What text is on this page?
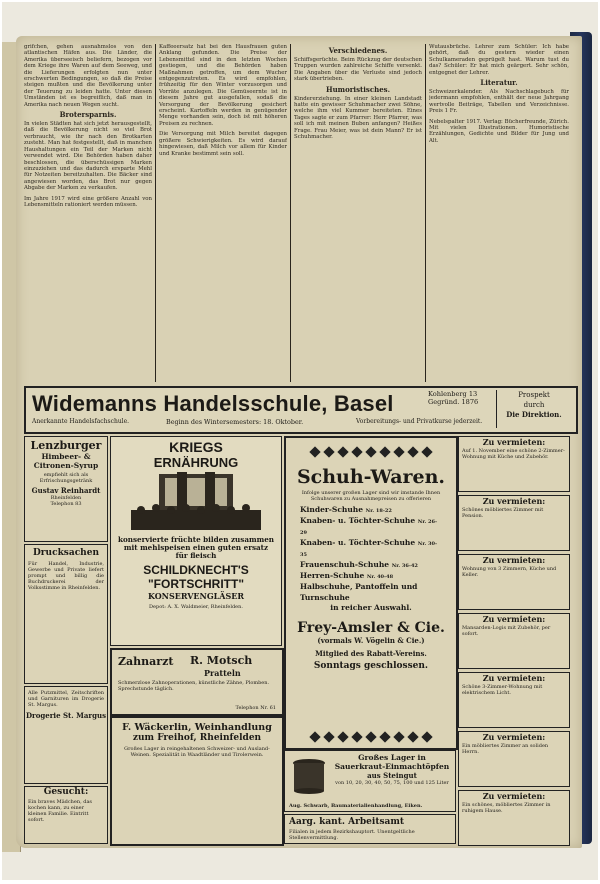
grifchen, gehen ausnahmslos von den atlantischen Häfen aus. Die Länder, die Amerika überseeisch beliefern, bezogen vor dem Kriege ihre Waren auf dem Seeweg, und die Lieferungen erfolgten nun unter erschwerten Bedingungen, so daß die Preise steigen mußten und die Bevölkerung unter der Teuerung zu leiden hatte. Unter diesen Umständen ist es begreiflich, daß man in Amerika nach neuen Wegen sucht.
Brotersparnis.
In vielen Städten hat sich jetzt herausgestellt, daß die Bevölkerung nicht so viel Brot verbraucht, wie ihr nach den Brotkarten zusteht. Man hat festgestellt, daß in manchen Haushaltungen ein Teil der Marken nicht verwendet wird. Die Behörden haben daher beschlossen, die überschüssigen Marken einzuziehen und das dadurch ersparte Mehl für Notzeiten bereitzuhalten. Die Bäcker sind angewiesen worden, das Brot nur gegen Abgabe der Marken zu verkaufen.
Im Jahre 1917 wird eine größere Anzahl von Lebensmitteln rationiert werden müssen.
Kaffeeersatz hat bei den Hausfrauen guten Anklang gefunden. Die Preise der Lebensmittel sind in den letzten Wochen gestiegen, und die Behörden haben Maßnahmen getroffen, um dem Wucher entgegenzutreten. Es wird empfohlen, frühzeitig für den Winter vorzusorgen und Vorräte anzulegen. Die Gemüseernte ist in diesem Jahre gut ausgefallen, sodaß die Versorgung der Bevölkerung gesichert erscheint. Kartoffeln werden in genügender Menge vorhanden sein, doch ist mit höheren Preisen zu rechnen.
Die Versorgung mit Milch bereitet dagegen größere Schwierigkeiten. Es wird darauf hingewiesen, daß Milch vor allem für Kinder und Kranke bestimmt sein soll.
Verschiedenes.
Schiffsgerüchte. Beim Rückzug der deutschen Truppen wurden zahlreiche Schiffe versenkt. Die Angaben über die Verluste sind jedoch stark übertrieben.
Humoristisches.
Kindererziehung. In einer kleinen Landstadt hatte ein gewisser Schuhmacher zwei Söhne, welche ihm viel Kummer bereiteten. Eines Tages sagte er zum Pfarrer: Herr Pfarrer, was soll ich mit meinen Buben anfangen? Heißes Frage. Frau Meier, was ist dein Mann? Er ist Schuhmacher.
Wutausbrüche. Lehrer zum Schüler: Ich habe gehört, daß du gestern wieder einen Schulkameraden geprügelt hast. Warum tust du das? Schüler: Er hat mich geärgert. Sehr schön, entgegnet der Lehrer.
Literatur.
Schweizerkalender. Als Nachschlagebuch für jedermann empfohlen, enthält der neue Jahrgang wertvolle Beiträge, Tabellen und Verzeichnisse. Preis 1 Fr.
Nebelspalter 1917. Verlag: Bücherfreunde, Zürich. Mit vielen Illustrationen. Humoristische Erzählungen, Gedichte und Bilder für Jung und Alt.
Widemanns Handelsschule, Basel
Anerkannte Handelsfachschule.	Beginn des Wintersemesters: 18. Oktober.	Vorbereitungs- und Privatkurse jederzeit.
Kohlenberg 13
Gegründ. 1876
Prospekt
durch
Die Direktion.
Lenzburger
Himbeer- &
Citronen-Syrup
empfiehlt sich als Erfrischungsgetränk
Gustav Reinhardt
Rheinfelden
Telephon 83
Drucksachen
Für Handel, Industrie, Gewerbe und Private liefert prompt und billig die Buchdruckerei der Volksstimme in Rheinfelden.
Alle Putzmittel, Zeitschriften und Garnituren im Drogerie St. Margus.
Drogerie St. Margus
Gesucht:
Ein braves Mädchen, das kochen kann, zu einer kleinen Familie. Eintritt sofort.
KRIEGS
ERNÄHRUNG
konservierte früchte bilden zusammen mit mehlspeisen einen guten ersatz für fleisch
SCHILDKNECHT'S
"FORTSCHRITT"
KONSERVENGLÄSER
Depot: A. X. Waldmeier, Rheinfelden.
Zahnarzt R. Motsch
Pratteln
Schmerzlose Zahnoperationen, künstliche Zähne, Plomben. Sprechstunde täglich.
Telephon Nr. 61
F. Wäckerlin, Weinhandlung
zum Freihof, Rheinfelden
Großes Lager in reingehaltenen Schweizer- und Ausland-Weinen. Spezialität in Waadtländer und Tirolerwein.
Schuh-Waren.
Infolge unserer großen Lager sind wir imstande Ihnen Schuhwaren zu Ausnahmepreisen zu offerieren
Kinder-Schuhe Nr. 18-22
Knaben- u. Töchter-Schuhe Nr. 26-29
Knaben- u. Töchter-Schuhe Nr. 30-35
Frauenschuh-Schuhe Nr. 36-42
Herren-Schuhe Nr. 40-48
Halbschuhe, Pantoffeln und Turnschuhe
in reicher Auswahl.
Frey-Amsler & Cie.
(vormals W. Vögelin & Cie.)
Mitglied des Rabatt-Vereins.
Sonntags geschlossen.
Großes Lager in
Sauerkraut-Einmachtöpfen
aus Steingut
von 10, 20, 30, 40, 50, 75, 100 und 125 Liter
Aug. Schwarb, Baumaterialienhandlung, Eiken.
Aarg. kant. Arbeitsamt
Filialen in jedem Bezirkshauptort. Unentgeltliche Stellenvermittlung.
Zu vermieten:
Auf 1. November eine schöne 2-Zimmer-Wohnung mit Küche und Zubehör.
Zu vermieten:
Schönes möbliertes Zimmer mit Pension.
Zu vermieten:
Wohnung von 3 Zimmern, Küche und Keller.
Zu vermieten:
Mansarden-Logis mit Zubehör, per sofort.
Zu vermieten:
Schöne 3-Zimmer-Wohnung mit elektrischem Licht.
Zu vermieten:
Ein möbliertes Zimmer an soliden Herrn.
Zu vermieten:
Ein schönes, möbliertes Zimmer in ruhigem Hause.
